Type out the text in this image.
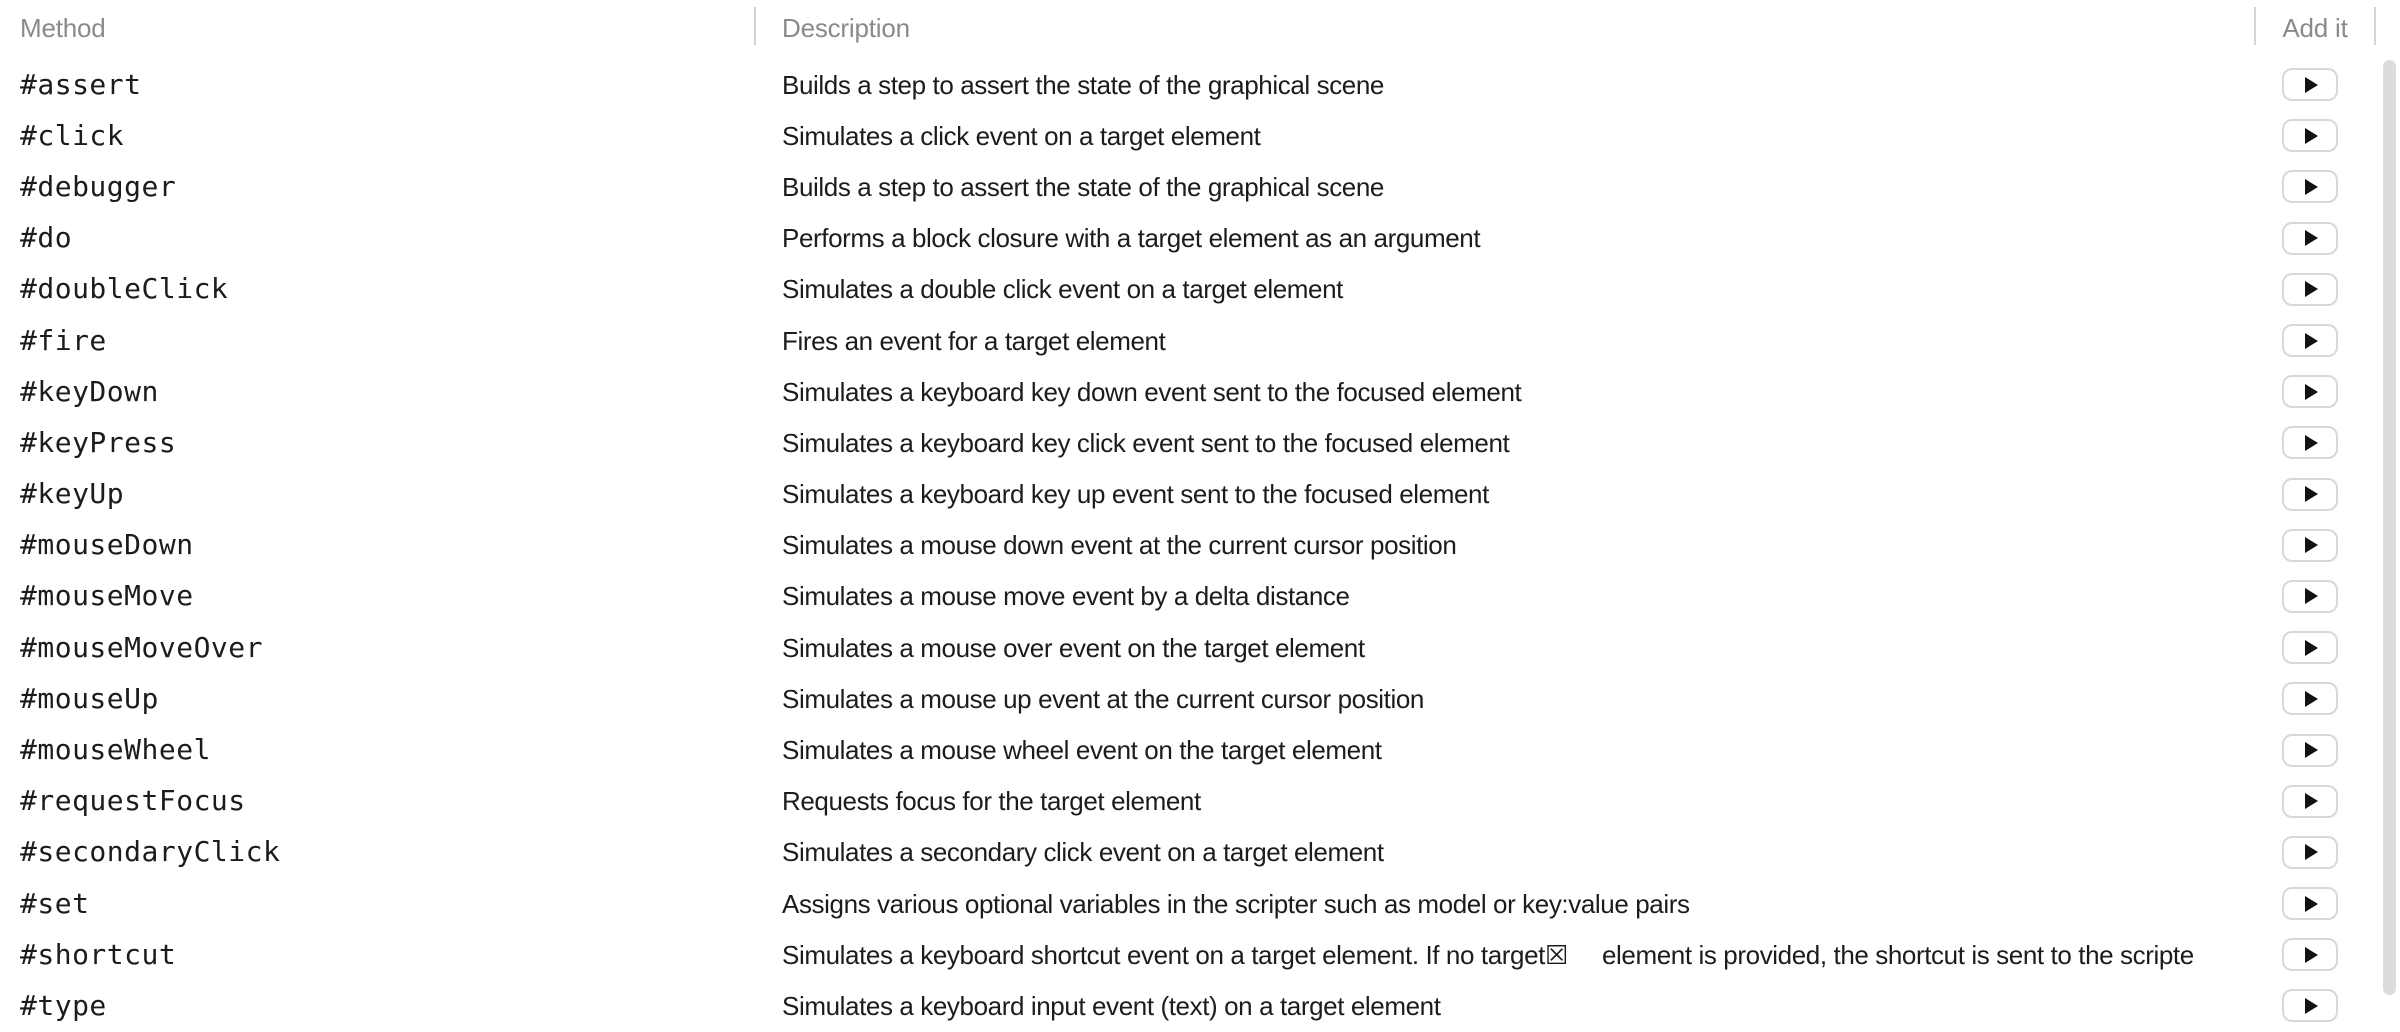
Method	Description	Add it
#assert	Builds a step to assert the state of the graphical scene
#click	Simulates a click event on a target element
#debugger	Builds a step to assert the state of the graphical scene
#do	Performs a block closure with a target element as an argument
#doubleClick	Simulates a double click event on a target element
#fire	Fires an event for a target element
#keyDown	Simulates a keyboard key down event sent to the focused element
#keyPress	Simulates a keyboard key click event sent to the focused element
#keyUp	Simulates a keyboard key up event sent to the focused element
#mouseDown	Simulates a mouse down event at the current cursor position
#mouseMove	Simulates a mouse move event by a delta distance
#mouseMoveOver	Simulates a mouse over event on the target element
#mouseUp	Simulates a mouse up event at the current cursor position
#mouseWheel	Simulates a mouse wheel event on the target element
#requestFocus	Requests focus for the target element
#secondaryClick	Simulates a secondary click event on a target element
#set	Assigns various optional variables in the scripter such as model or key:value pairs
#shortcut	Simulates a keyboard shortcut event on a target element. If no target☒     element is provided, the shortcut is sent to the scripte
#type	Simulates a keyboard input event (text) on a target element
